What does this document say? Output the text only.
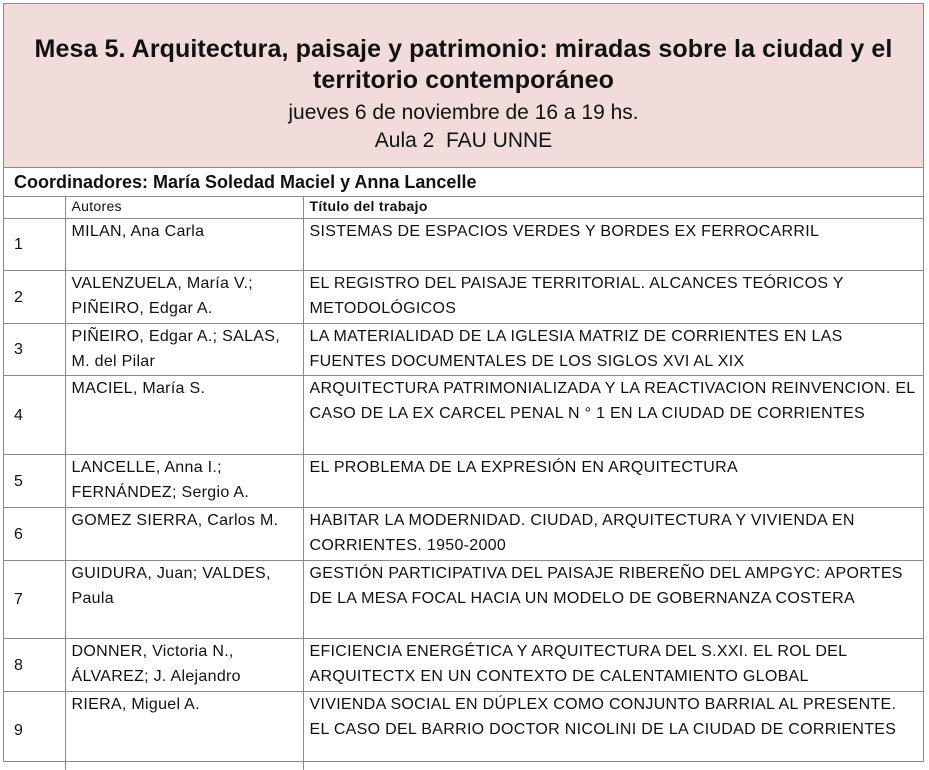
Mesa 5. Arquitectura, paisaje y patrimonio: miradas sobre la ciudad y el territorio contemporáneo
jueves 6 de noviembre de 16 a 19 hs.
Aula 2  FAU UNNE
Coordinadores: María Soledad Maciel y Anna Lancelle
	Autores	Título del trabajo
1	MILAN, Ana Carla	SISTEMAS DE ESPACIOS VERDES Y BORDES EX FERROCARRIL
2	VALENZUELA, María V.; PIÑEIRO, Edgar A.	EL REGISTRO DEL PAISAJE TERRITORIAL. ALCANCES TEÓRICOS Y METODOLÓGICOS
3	PIÑEIRO, Edgar A.; SALAS, M. del Pilar	LA MATERIALIDAD DE LA IGLESIA MATRIZ DE CORRIENTES EN LAS FUENTES DOCUMENTALES DE LOS SIGLOS XVI AL XIX
4	MACIEL, María S.	ARQUITECTURA PATRIMONIALIZADA Y LA REACTIVACION REINVENCION. EL CASO DE LA EX CARCEL PENAL N ° 1 EN LA CIUDAD DE CORRIENTES
5	LANCELLE, Anna I.; FERNÁNDEZ; Sergio A.	EL PROBLEMA DE LA EXPRESIÓN EN ARQUITECTURA
6	GOMEZ SIERRA, Carlos M.	HABITAR LA MODERNIDAD. CIUDAD, ARQUITECTURA Y VIVIENDA EN CORRIENTES. 1950-2000
7	GUIDURA, Juan; VALDES, Paula	GESTIÓN PARTICIPATIVA DEL PAISAJE RIBEREÑO DEL AMPGYC: APORTES DE LA MESA FOCAL HACIA UN MODELO DE GOBERNANZA COSTERA
8	DONNER, Victoria N., ÁLVAREZ; J. Alejandro	EFICIENCIA ENERGÉTICA Y ARQUITECTURA DEL S.XXI. EL ROL DEL ARQUITECTX EN UN CONTEXTO DE CALENTAMIENTO GLOBAL
9	RIERA, Miguel A.	VIVIENDA SOCIAL EN DÚPLEX COMO CONJUNTO BARRIAL AL PRESENTE. EL CASO DEL BARRIO DOCTOR NICOLINI DE LA CIUDAD DE CORRIENTES
